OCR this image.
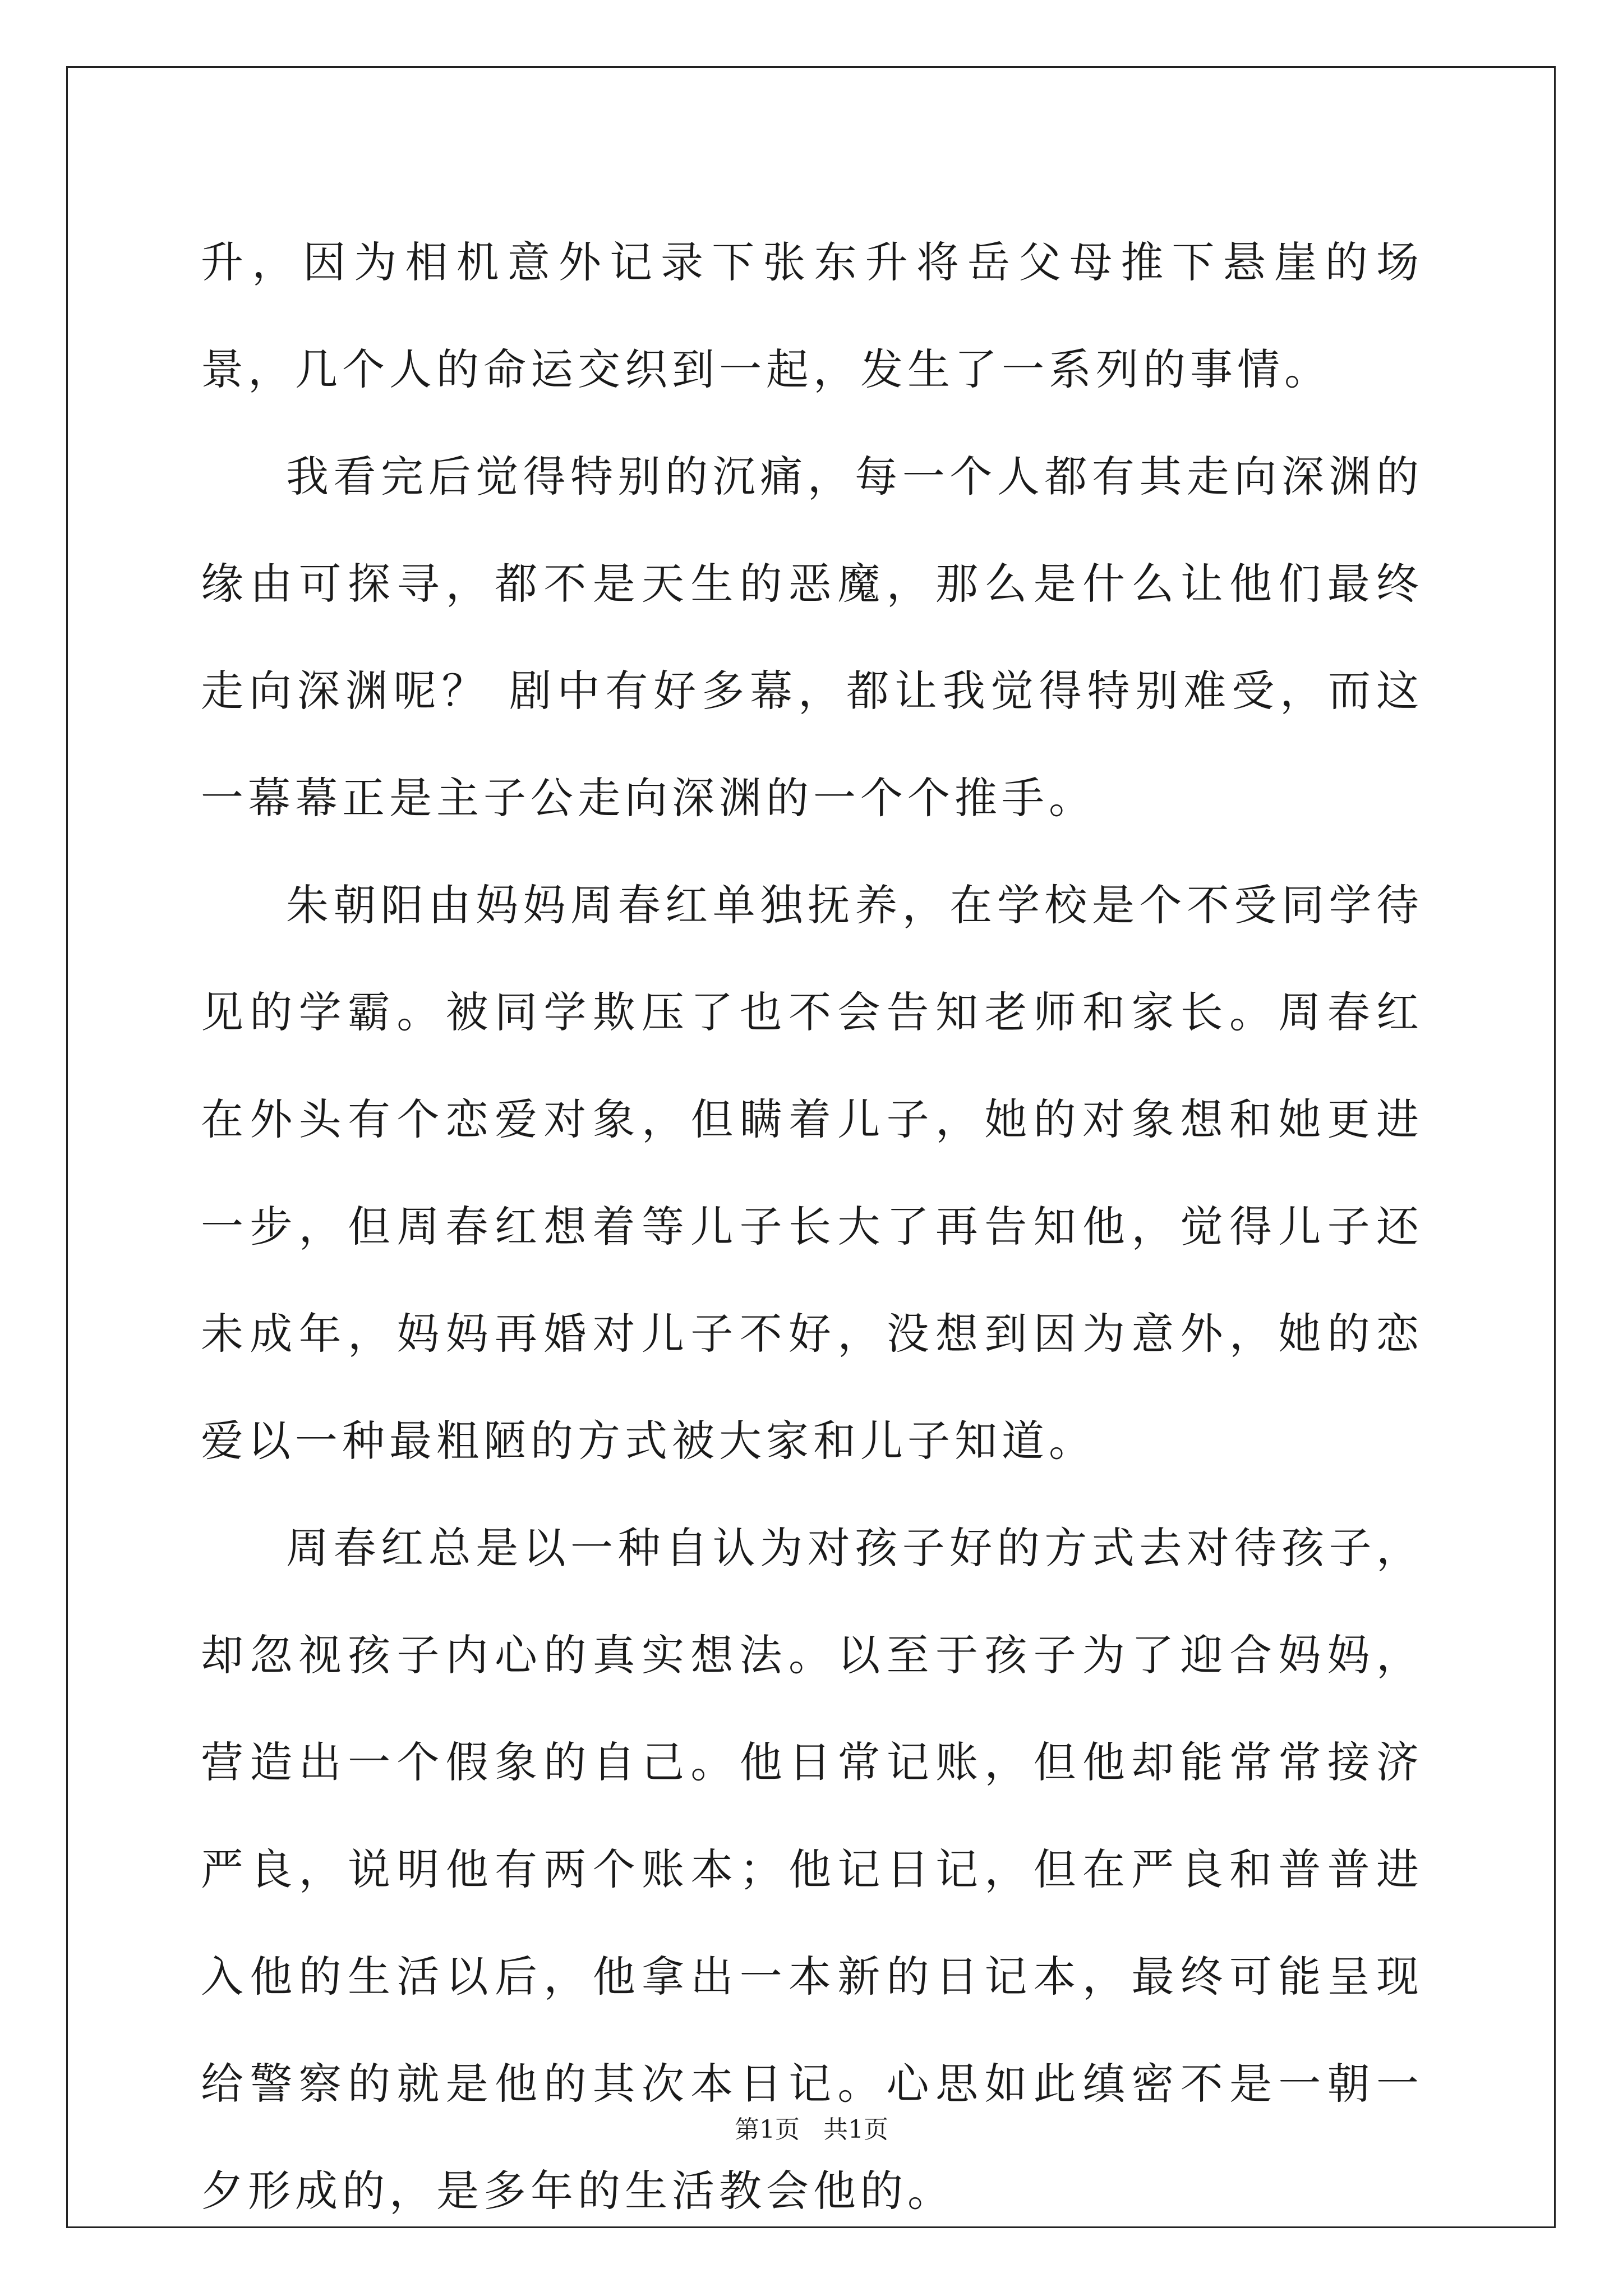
升，因为相机意外记录下张东升将岳父母推下悬崖的场景，几个人的命运交织到一起，发生了一系列的事情。

我看完后觉得特别的沉痛，每一个人都有其走向深渊的缘由可探寻，都不是天生的恶魔，那么是什么让他们最终走向深渊呢？ 剧中有好多幕，都让我觉得特别难受，而这一幕幕正是主子公走向深渊的一个个推手。

朱朝阳由妈妈周春红单独抚养，在学校是个不受同学待见的学霸。被同学欺压了也不会告知老师和家长。周春红在外头有个恋爱对象，但瞒着儿子，她的对象想和她更进一步，但周春红想着等儿子长大了再告知他，觉得儿子还未成年，妈妈再婚对儿子不好，没想到因为意外，她的恋爱以一种最粗陋的方式被大家和儿子知道。

周春红总是以一种自认为对孩子好的方式去对待孩子，却忽视孩子内心的真实想法。以至于孩子为了迎合妈妈，营造出一个假象的自己。他日常记账，但他却能常常接济严良，说明他有两个账本；他记日记，但在严良和普普进入他的生活以后，他拿出一本新的日记本，最终可能呈现给警察的就是他的其次本日记。心思如此缜密不是一朝一夕形成的，是多年的生活教会他的。

第1页   共1页
